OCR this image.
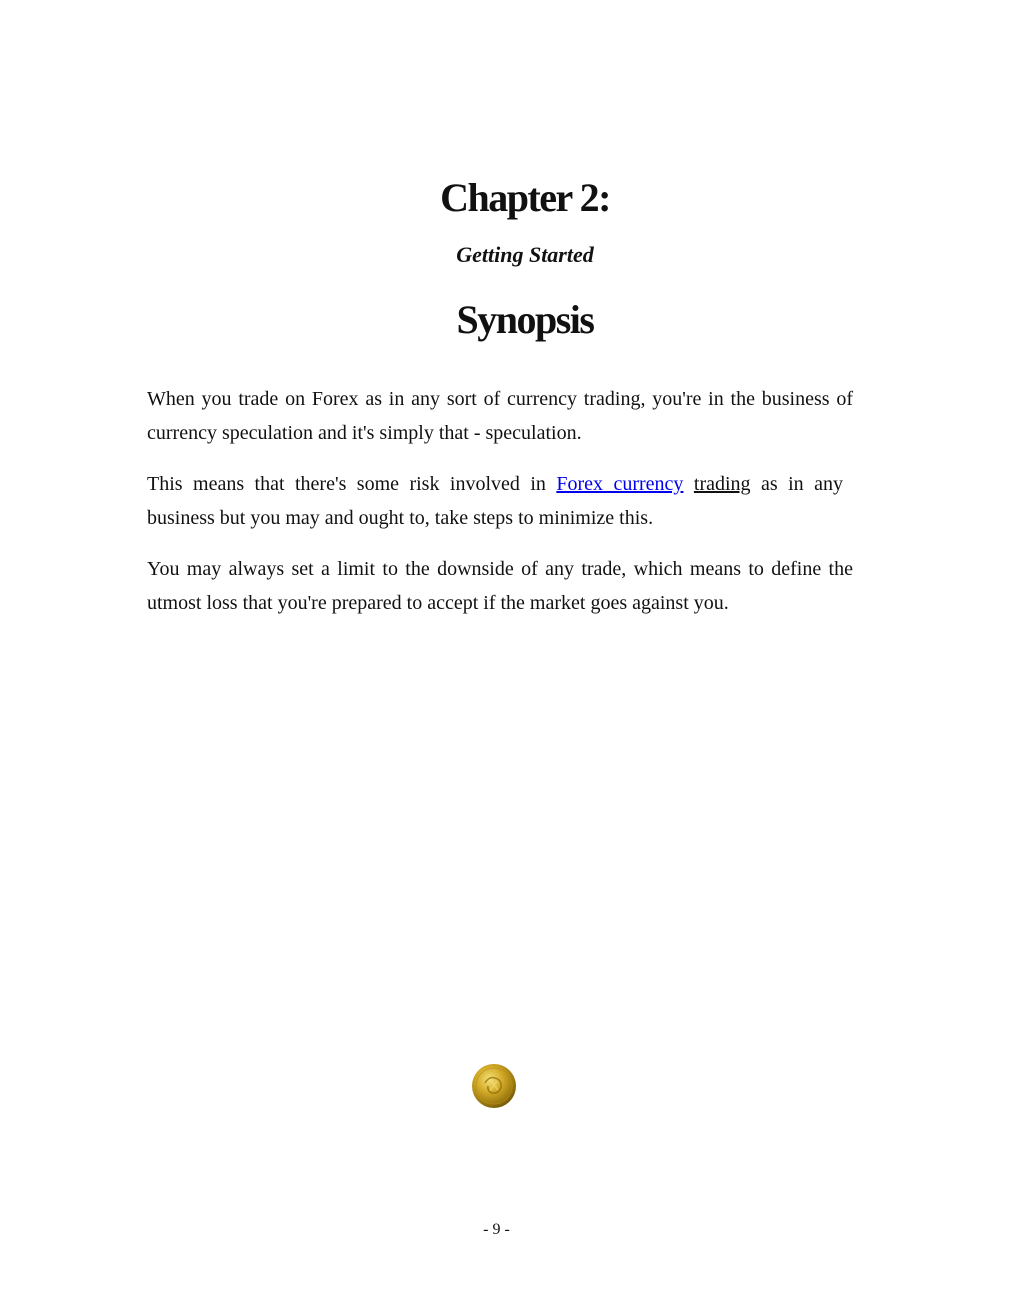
Chapter 2:
Getting Started
Synopsis

When you trade on Forex as in any sort of currency trading, you're in the business of currency speculation and it's simply that - speculation.

This means that there's some risk involved in Forex currency trading as in any business but you may and ought to, take steps to minimize this.

You may always set a limit to the downside of any trade, which means to define the utmost loss that you're prepared to accept if the market goes against you.

- 9 -
